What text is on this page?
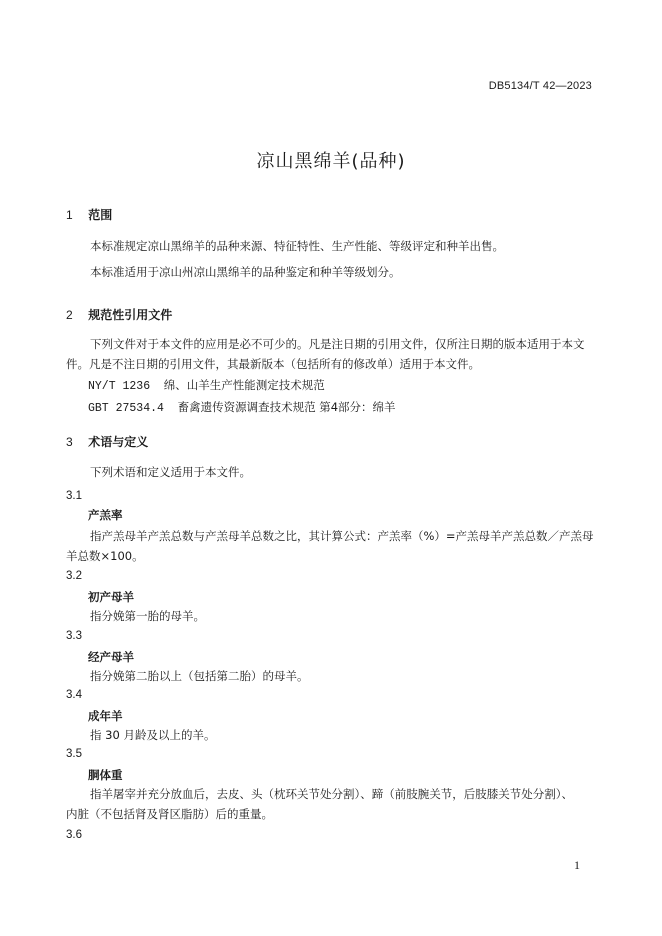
DB5134/T 42—2023
凉山黑绵羊(品种)
1 范围
本标准规定凉山黑绵羊的品种来源、特征特性、生产性能、等级评定和种羊出售。
本标准适用于凉山州凉山黑绵羊的品种鉴定和种羊等级划分。
2 规范性引用文件
下列文件对于本文件的应用是必不可少的。凡是注日期的引用文件，仅所注日期的版本适用于本文
件。凡是不注日期的引用文件，其最新版本（包括所有的修改单）适用于本文件。
NY/T 1236 绵、山羊生产性能测定技术规范
GBT 27534.4 畜禽遗传资源调查技术规范 第4部分：绵羊
3 术语与定义
下列术语和定义适用于本文件。
3.1
产羔率
指产羔母羊产羔总数与产羔母羊总数之比，其计算公式：产羔率（%）=产羔母羊产羔总数／产羔母
羊总数×100。
3.2
初产母羊
指分娩第一胎的母羊。
3.3
经产母羊
指分娩第二胎以上（包括第二胎）的母羊。
3.4
成年羊
指 30 月龄及以上的羊。
3.5
胴体重
指羊屠宰并充分放血后，去皮、头（枕环关节处分割）、蹄（前肢腕关节，后肢膝关节处分割）、
内脏（不包括肾及肾区脂肪）后的重量。
3.6
1
